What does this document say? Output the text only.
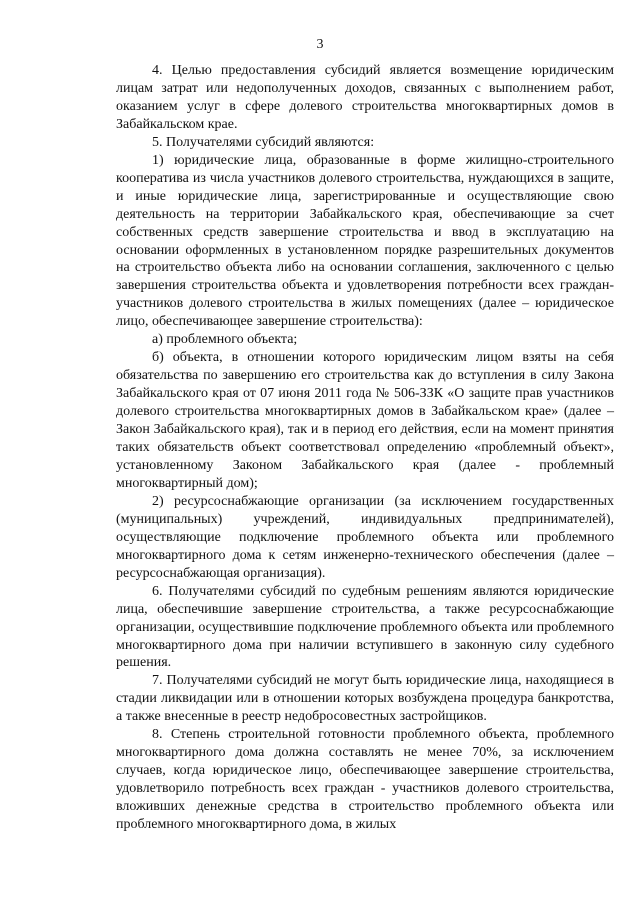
3

4. Целью предоставления субсидий является возмещение юридическим лицам затрат или недополученных доходов, связанных с выполнением работ, оказанием услуг в сфере долевого строительства многоквартирных домов в Забайкальском крае.

5. Получателями субсидий являются:

1) юридические лица, образованные в форме жилищно-строительного кооператива из числа участников долевого строительства, нуждающихся в защите, и иные юридические лица, зарегистрированные и осуществляющие свою деятельность на территории Забайкальского края, обеспечивающие за счет собственных средств завершение строительства и ввод в эксплуатацию на основании оформленных в установленном порядке разрешительных документов на строительство объекта либо на основании соглашения, заключенного с целью завершения строительства объекта и удовлетворения потребности всех граждан-участников долевого строительства в жилых помещениях (далее – юридическое лицо, обеспечивающее завершение строительства):

а) проблемного объекта;

б) объекта, в отношении которого юридическим лицом взяты на себя обязательства по завершению его строительства как до вступления в силу Закона Забайкальского края от 07 июня 2011 года № 506-ЗЗК «О защите прав участников долевого строительства многоквартирных домов в Забайкальском крае» (далее – Закон Забайкальского края), так и в период его действия, если на момент принятия таких обязательств объект соответствовал определению «проблемный объект», установленному Законом Забайкальского края (далее - проблемный многоквартирный дом);

2) ресурсоснабжающие организации (за исключением государственных (муниципальных) учреждений, индивидуальных предпринимателей), осуществляющие подключение проблемного объекта или проблемного многоквартирного дома к сетям инженерно-технического обеспечения (далее – ресурсоснабжающая организация).

6. Получателями субсидий по судебным решениям являются юридические лица, обеспечившие завершение строительства, а также ресурсоснабжающие организации, осуществившие подключение проблемного объекта или проблемного многоквартирного дома при наличии вступившего в законную силу судебного решения.

7. Получателями субсидий не могут быть юридические лица, находящиеся в стадии ликвидации или в отношении которых возбуждена процедура банкротства, а также внесенные в реестр недобросовестных застройщиков.

8. Степень строительной готовности проблемного объекта, проблемного многоквартирного дома должна составлять не менее 70%, за исключением случаев, когда юридическое лицо, обеспечивающее завершение строительства, удовлетворило потребность всех граждан - участников долевого строительства, вложивших денежные средства в строительство проблемного объекта или проблемного многоквартирного дома, в жилых
